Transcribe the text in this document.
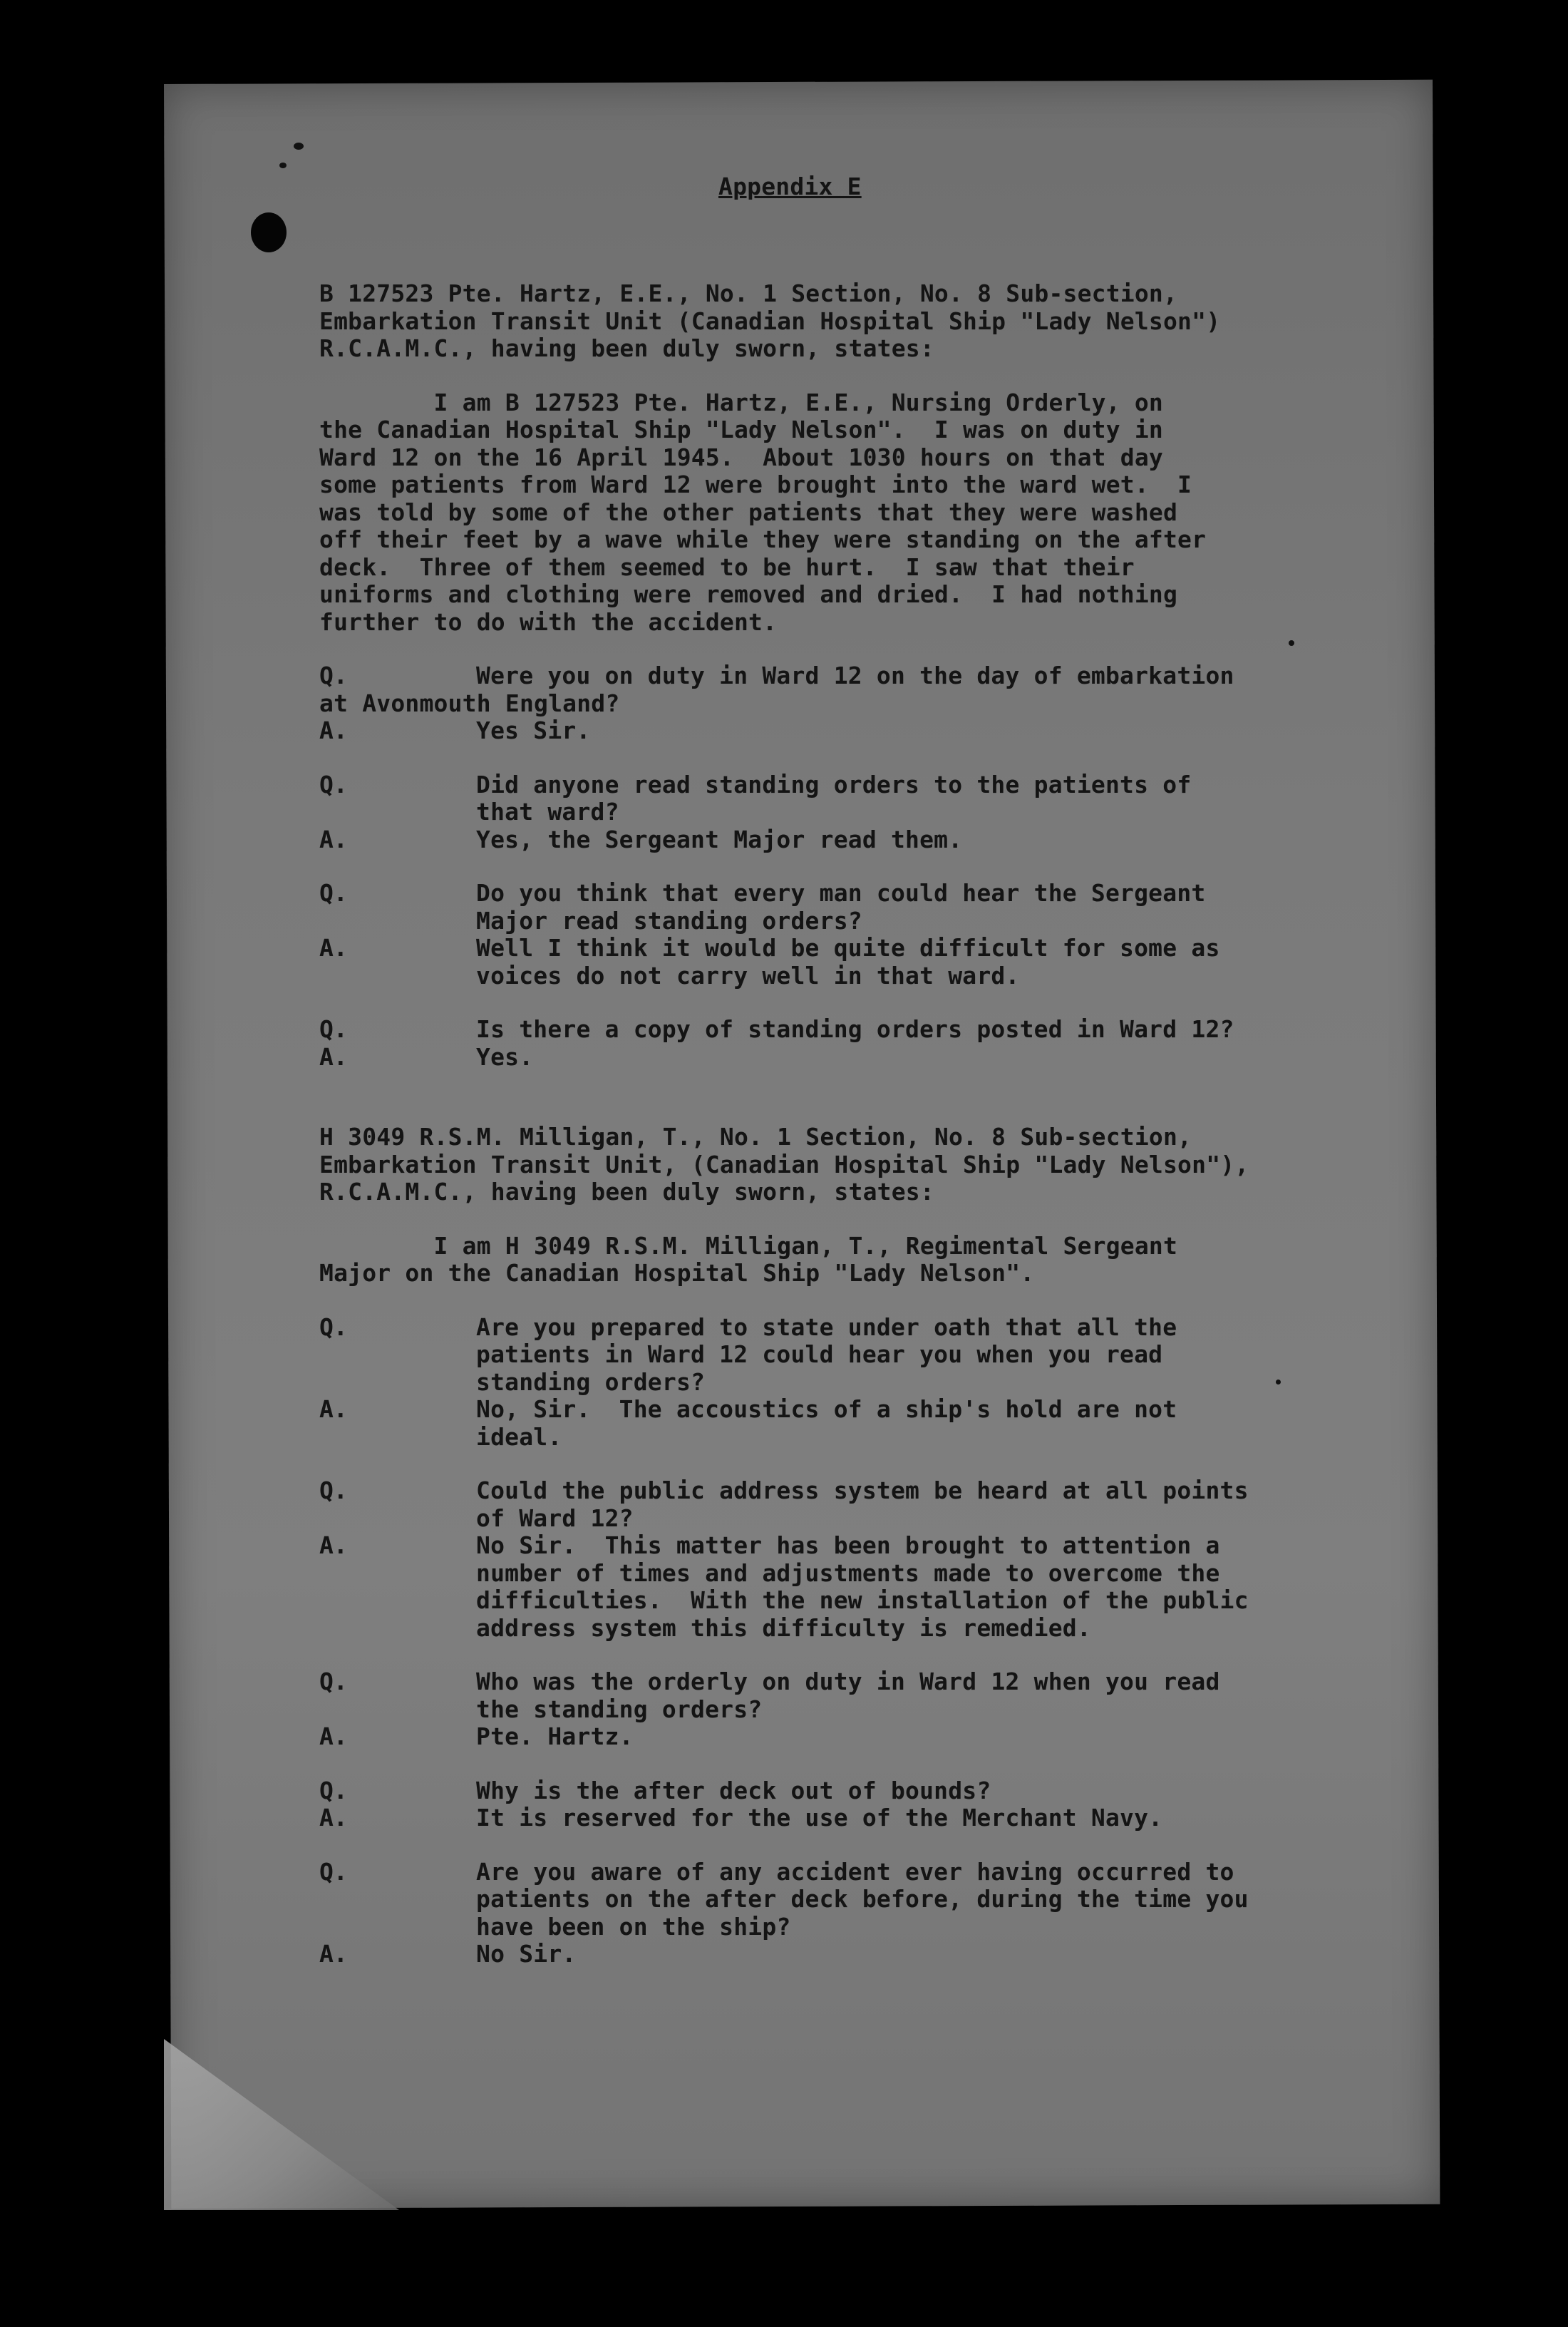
Appendix E

B 127523 Pte. Hartz, E.E., No. 1 Section, No. 8 Sub-section,

Embarkation Transit Unit (Canadian Hospital Ship "Lady Nelson")

R.C.A.M.C., having been duly sworn, states:

I am B 127523 Pte. Hartz, E.E., Nursing Orderly, on

the Canadian Hospital Ship "Lady Nelson".  I was on duty in

Ward 12 on the 16 April 1945.  About 1030 hours on that day

some patients from Ward 12 were brought into the ward wet.  I

was told by some of the other patients that they were washed

off their feet by a wave while they were standing on the after

deck.  Three of them seemed to be hurt.  I saw that their

uniforms and clothing were removed and dried.  I had nothing

further to do with the accident.

Q.	Were you on duty in Ward 12 on the day of embarkation

at Avonmouth England?

A.	Yes Sir.

Q.	Did anyone read standing orders to the patients of

that ward?

A.	Yes, the Sergeant Major read them.

Q.	Do you think that every man could hear the Sergeant

Major read standing orders?

A.	Well I think it would be quite difficult for some as

voices do not carry well in that ward.

Q.	Is there a copy of standing orders posted in Ward 12?

A.	Yes.

H 3049 R.S.M. Milligan, T., No. 1 Section, No. 8 Sub-section,

Embarkation Transit Unit, (Canadian Hospital Ship "Lady Nelson"),

R.C.A.M.C., having been duly sworn, states:

I am H 3049 R.S.M. Milligan, T., Regimental Sergeant

Major on the Canadian Hospital Ship "Lady Nelson".

Q.	Are you prepared to state under oath that all the

patients in Ward 12 could hear you when you read

standing orders?

A.	No, Sir.  The accoustics of a ship's hold are not

ideal.

Q.	Could the public address system be heard at all points

of Ward 12?

A.	No Sir.  This matter has been brought to attention a

number of times and adjustments made to overcome the

difficulties.  With the new installation of the public

address system this difficulty is remedied.

Q.	Who was the orderly on duty in Ward 12 when you read

the standing orders?

A.	Pte. Hartz.

Q.	Why is the after deck out of bounds?

A.	It is reserved for the use of the Merchant Navy.

Q.	Are you aware of any accident ever having occurred to

patients on the after deck before, during the time you

have been on the ship?

A.	No Sir.
